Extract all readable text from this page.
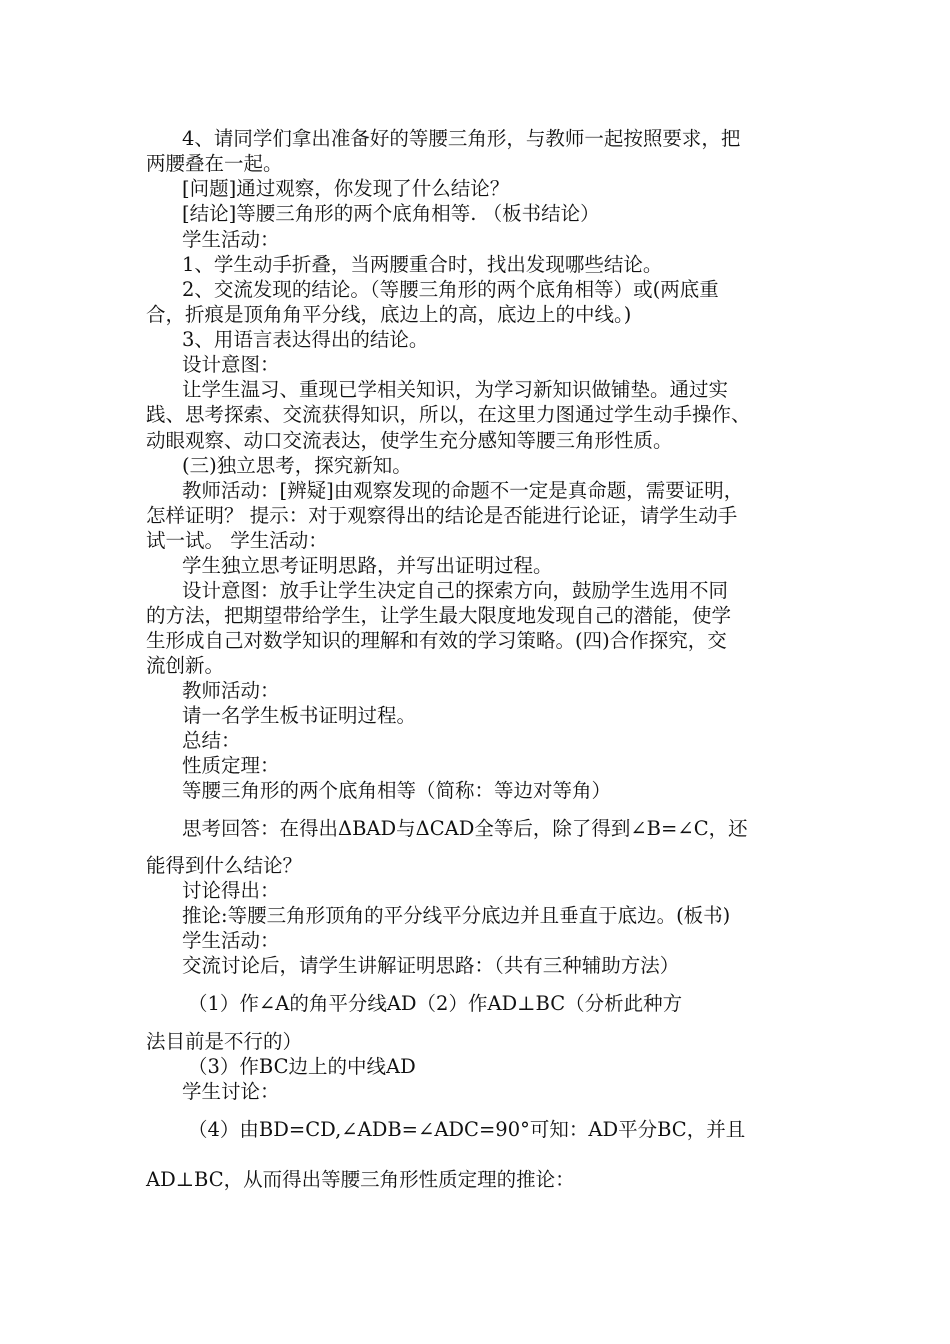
4、请同学们拿出准备好的等腰三角形，与教师一起按照要求，把
两腰叠在一起。
[问题]通过观察，你发现了什么结论？
[结论]等腰三角形的两个底角相等. （板书结论）
学生活动：
1、学生动手折叠，当两腰重合时，找出发现哪些结论。
2、交流发现的结论。（等腰三角形的两个底角相等）或(两底重
合，折痕是顶角角平分线，底边上的高，底边上的中线。)
3、用语言表达得出的结论。
设计意图：
让学生温习、重现已学相关知识，为学习新知识做铺垫。通过实
践、思考探索、交流获得知识，所以，在这里力图通过学生动手操作、
动眼观察、动口交流表达，使学生充分感知等腰三角形性质。
(三)独立思考，探究新知。
教师活动：[辨疑]由观察发现的命题不一定是真命题，需要证明，
怎样证明？ 提示：对于观察得出的结论是否能进行论证，请学生动手
试一试。 学生活动：
学生独立思考证明思路，并写出证明过程。
设计意图：放手让学生决定自己的探索方向，鼓励学生选用不同
的方法，把期望带给学生，让学生最大限度地发现自己的潜能，使学
生形成自己对数学知识的理解和有效的学习策略。(四)合作探究，交
流创新。
教师活动：
请一名学生板书证明过程。
总结：
性质定理：
等腰三角形的两个底角相等（简称：等边对等角）
思考回答：在得出ΔBAD与ΔCAD全等后，除了得到∠B=∠C，还
能得到什么结论？
讨论得出：
推论:等腰三角形顶角的平分线平分底边并且垂直于底边。(板书)
学生活动：
交流讨论后，请学生讲解证明思路：（共有三种辅助方法）
（1）作∠A的角平分线AD（2）作AD⊥BC（分析此种方
法目前是不行的）
（3）作BC边上的中线AD
学生讨论：
（4）由BD=CD,∠ADB=∠ADC=90°可知：AD平分BC，并且
AD⊥BC，从而得出等腰三角形性质定理的推论：
